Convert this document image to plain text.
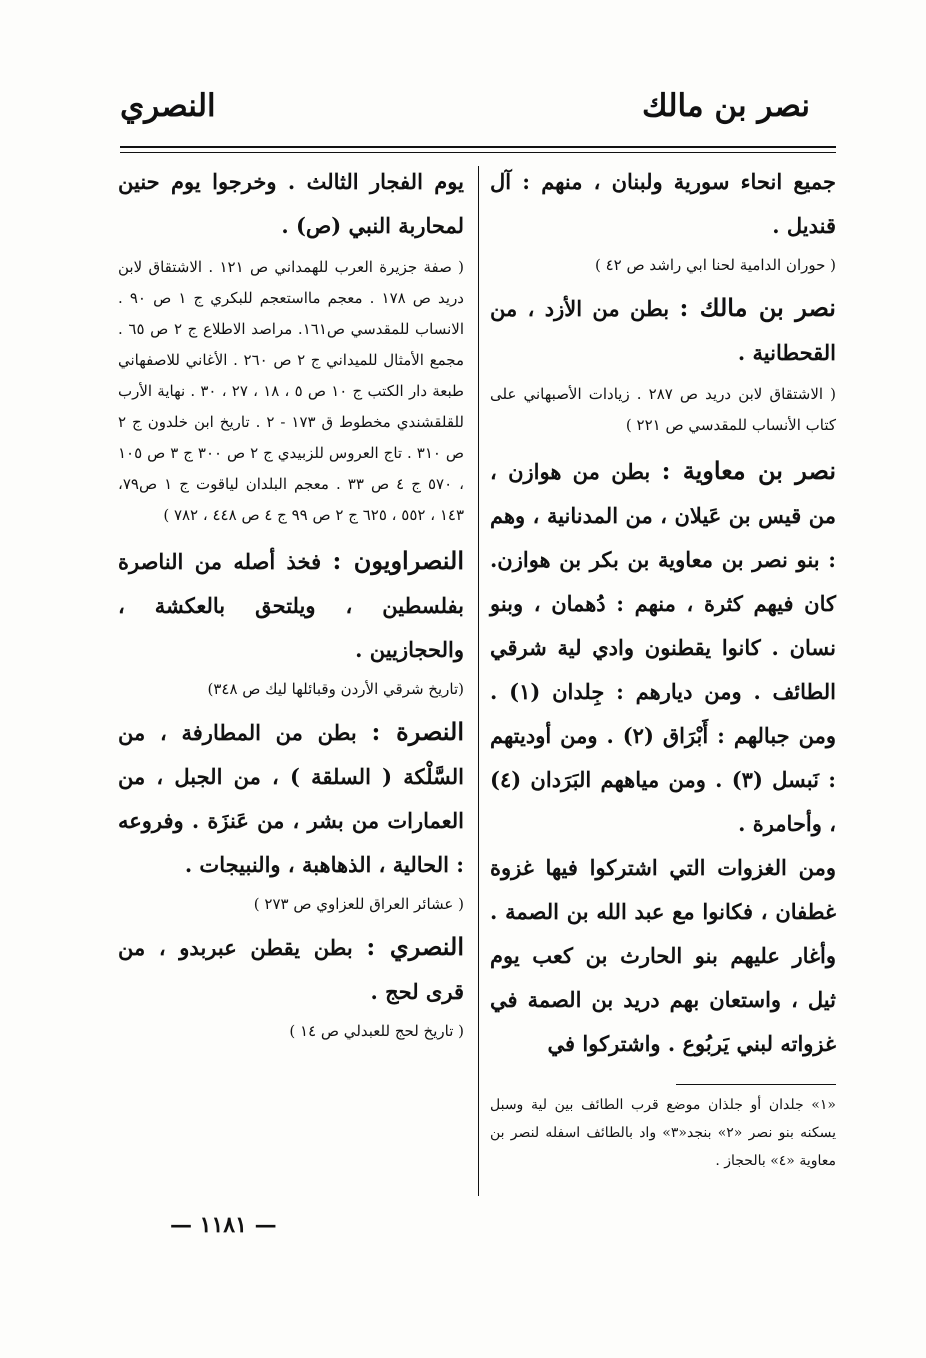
نصر بن مالك
النصري

جميع انحاء سورية ولبنان ، منهم : آل قنديل .

( حوران الدامية لحنا ابي راشد ص ٤٢ )

نصر بن مالك : بطن من الأزد ، من القحطانية .

( الاشتقاق لابن دريد ص ٢٨٧ . زيادات الأصبهاني على كتاب الأنساب للمقدسي ص ٢٢١ )

نصر بن معاوية : بطن من هوازن ، من قيس بن عَيلان ، من المدنانية ، وهم : بنو نصر بن معاوية بن بكر بن هوازن. كان فيهم كثرة ، منهم : دُهمان ، وبنو نسان . كانوا يقطنون وادي لية شرقي الطائف . ومن ديارهم : جِلدان (١) . ومن جبالهم : أَبْرَاق (٢) . ومن أوديتهم : نَبسل (٣) . ومن مياههم البَرَدان (٤) ، وأحامرة .

ومن الغزوات التي اشتركوا فيها غزوة غطفان ، فكانوا مع عبد الله بن الصمة . وأغار عليهم بنو الحارث بن كعب يوم ثيل ، واستعان بهم دريد بن الصمة في غزواته لبني يَربُوع . واشتركوا في

«١» جلدان أو جلذان موضع قرب الطائف بين لية وسبل يسكنه بنو نصر «٢» بنجد«٣» واد بالطائف اسفله لنصر بن معاوية «٤» بالحجاز .

يوم الفجار الثالث . وخرجوا يوم حنين لمحاربة النبي (ص) .

( صفة جزيرة العرب للهمداني ص ١٢١ . الاشتقاق لابن دريد ص ١٧٨ . معجم مااستعجم للبكري ج ١ ص ٩٠ . الانساب للمقدسي ص١٦١. مراصد الاطلاع ج ٢ ص ٦٥ . مجمع الأمثال للميداني ج ٢ ص ٢٦٠ . الأغاني للاصفهاني طبعة دار الكتب ج ١٠ ص ٥ ، ١٨ ، ٢٧ ، ٣٠ . نهاية الأرب للقلقشندي مخطوط ق ١٧٣ - ٢ . تاريخ ابن خلدون ج ٢ ص ٣١٠ . تاج العروس للزبيدي ج ٢ ص ٣٠٠ ج ٣ ص ١٠٥ ، ٥٧٠ ج ٤ ص ٣٣ . معجم البلدان لياقوت ج ١ ص٧٩، ١٤٣ ، ٥٥٢ ، ٦٢٥ ج ٢ ص ٩٩ ج ٤ ص ٤٤٨ ، ٧٨٢ )

النصراويون : فخذ أصله من الناصرة بفلسطين ، ويلتحق بالعكشة ، والحجازيين .

(تاريخ شرقي الأردن وقبائلها ليك ص ٣٤٨)

النصرة : بطن من المطارفة ، من السَّلْكة ( السلقة ) ، من الجبل ، من العمارات من بشر ، من عَنزَة . وفروعه : الحالية ، الذهاهبة ، والنبيجات .

( عشائر العراق للعزاوي ص ٢٧٣ )

النصري : بطن يقطن عبربدو ، من قرى لحج .

( تاريخ لحج للعبدلي ص ١٤ )

— ١١٨١ —
